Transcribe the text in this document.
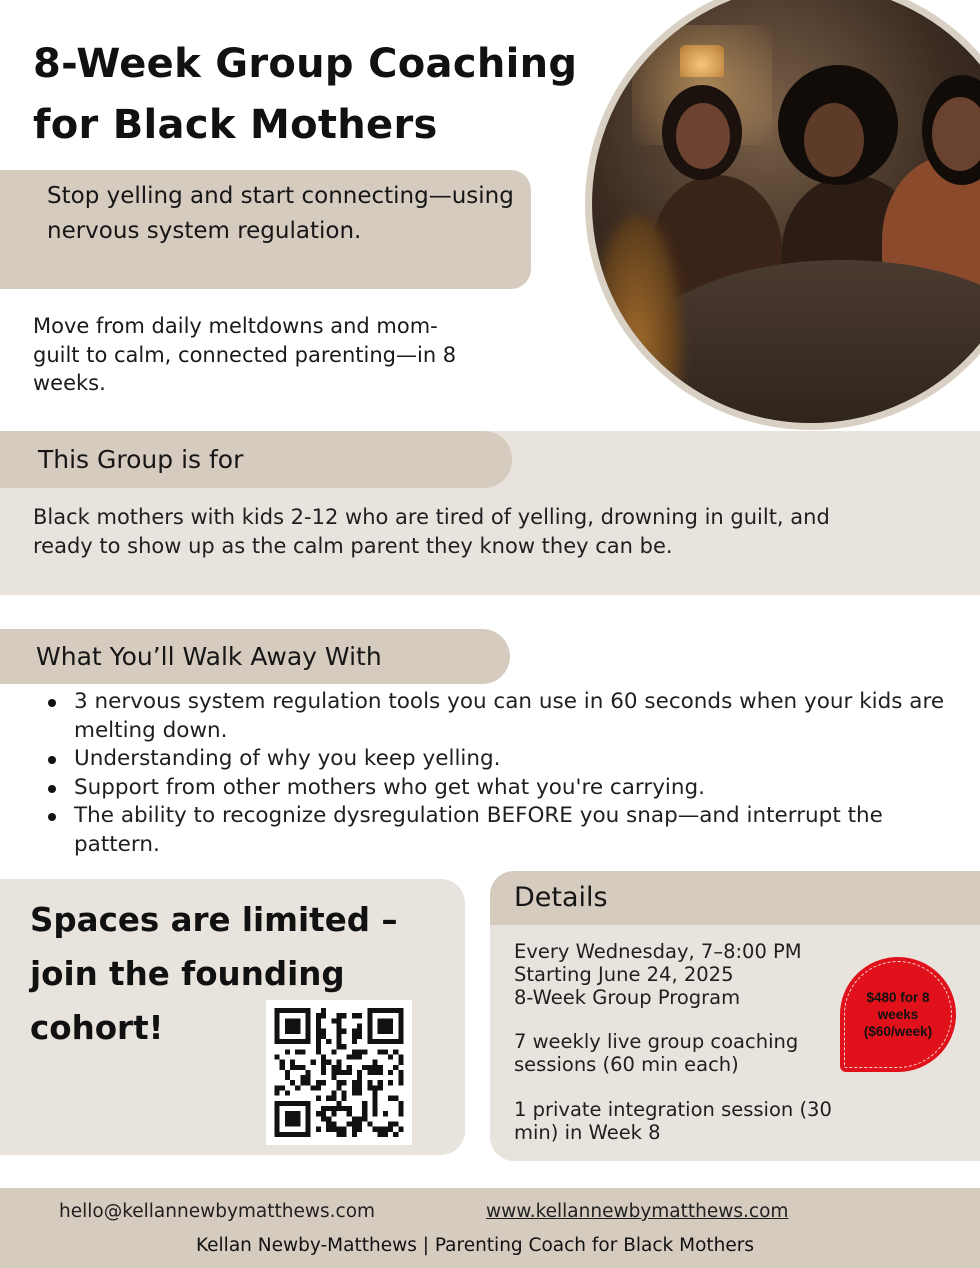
8-Week Group Coaching for Black Mothers
Stop yelling and start connecting—using nervous system regulation.
Move from daily meltdowns and mom-guilt to calm, connected parenting—in 8 weeks.
This Group is for
Black mothers with kids 2-12 who are tired of yelling, drowning in guilt, and ready to show up as the calm parent they know they can be.
What You’ll Walk Away With
3 nervous system regulation tools you can use in 60 seconds when your kids are melting down.
Understanding of why you keep yelling.
Support from other mothers who get what you're carrying.
The ability to recognize dysregulation BEFORE you snap—and interrupt the pattern.
Spaces are limited – join the founding cohort!
Details
Every Wednesday, 7–8:00 PM
Starting June 24, 2025
8-Week Group Program
7 weekly live group coaching sessions (60 min each)
1 private integration session (30 min) in Week 8
$480 for 8 weeks ($60/week)
hello@kellannewbymatthews.com	www.kellannewbymatthews.com
Kellan Newby-Matthews | Parenting Coach for Black Mothers
